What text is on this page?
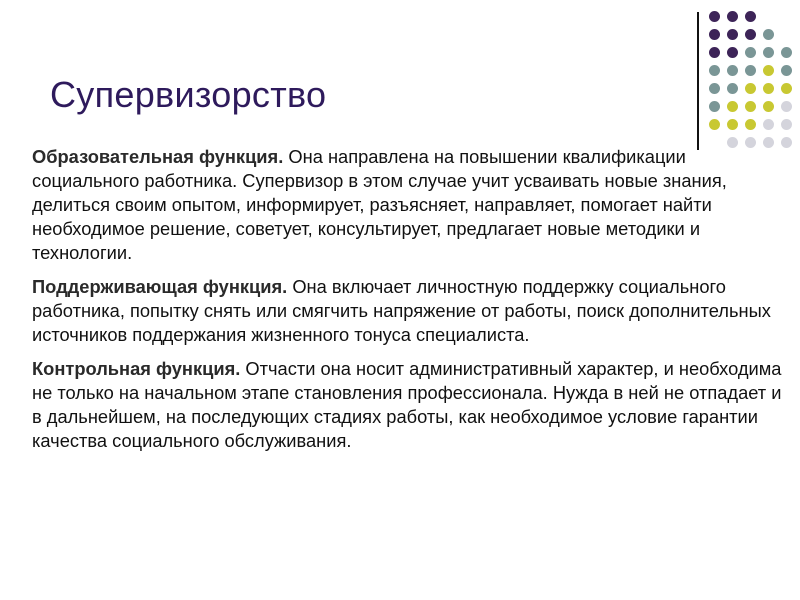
Супервизорство

Образовательная функция. Она направлена на повышении квалификации социального работника. Супервизор в этом случае учит усваивать новые знания, делиться своим опытом, информирует, разъясняет, направляет, помогает найти необходимое решение, советует, консультирует, предлагает новые методики и технологии.

Поддерживающая функция. Она включает личностную поддержку социального работника, попытку снять или смягчить напряжение от работы, поиск дополнительных источников поддержания жизненного тонуса специалиста.

Контрольная функция. Отчасти она носит административный характер, и необходима не только на начальном этапе становления профессионала. Нужда в ней не отпадает и в дальнейшем, на последующих стадиях работы, как необходимое условие гарантии качества социального обслуживания.
